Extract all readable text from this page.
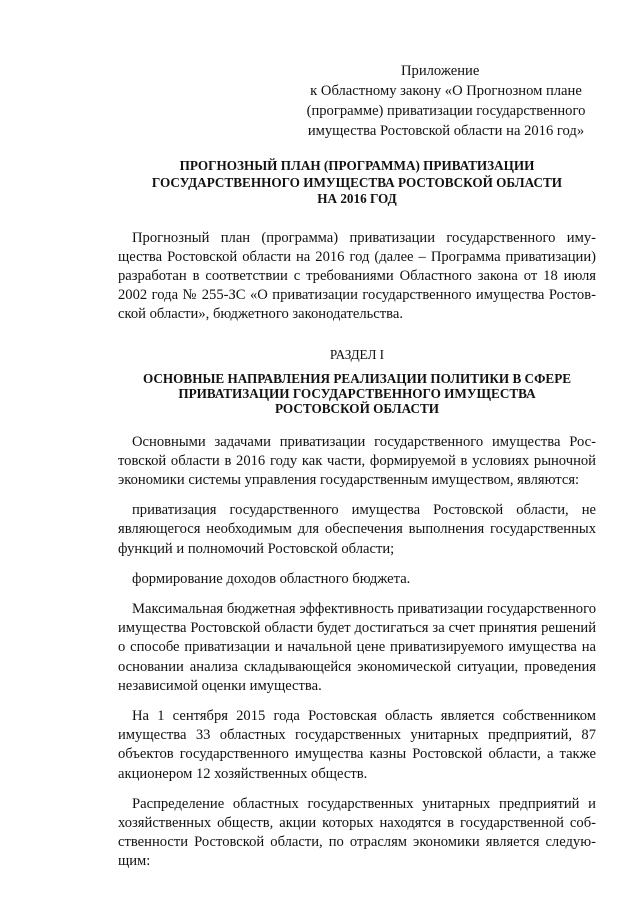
Приложение
к Областному закону «О Прогнозном плане
(программе) приватизации государственного
имущества Ростовской области на 2016 год»
ПРОГНОЗНЫЙ ПЛАН (ПРОГРАММА) ПРИВАТИЗАЦИИ
ГОСУДАРСТВЕННОГО ИМУЩЕСТВА РОСТОВСКОЙ ОБЛАСТИ
НА 2016 ГОД

Прогнозный план (программа) приватизации государственного имущества Ростовской области на 2016 год (далее – Программа приватизации) разработан в соответствии с требованиями Областного закона от 18 июля 2002 года № 255-ЗС «О приватизации государственного имущества Ростовской области», бюджетного законодательства.

РАЗДЕЛ I
ОСНОВНЫЕ НАПРАВЛЕНИЯ РЕАЛИЗАЦИИ ПОЛИТИКИ В СФЕРЕ
ПРИВАТИЗАЦИИ ГОСУДАРСТВЕННОГО ИМУЩЕСТВА
РОСТОВСКОЙ ОБЛАСТИ

Основными задачами приватизации государственного имущества Ростовской области в 2016 году как части, формируемой в условиях рыночной экономики системы управления государственным имуществом, являются:

приватизация государственного имущества Ростовской области, не являющегося необходимым для обеспечения выполнения государственных функций и полномочий Ростовской области;

формирование доходов областного бюджета.

Максимальная бюджетная эффективность приватизации государственного имущества Ростовской области будет достигаться за счет принятия решений о способе приватизации и начальной цене приватизируемого имущества на основании анализа складывающейся экономической ситуации, проведения независимой оценки имущества.

На 1 сентября 2015 года Ростовская область является собственником имущества 33 областных государственных унитарных предприятий, 87 объектов государственного имущества казны Ростовской области, а также акционером 12 хозяйственных обществ.

Распределение областных государственных унитарных предприятий и хозяйственных обществ, акции которых находятся в государственной собственности Ростовской области, по отраслям экономики является следующим:
